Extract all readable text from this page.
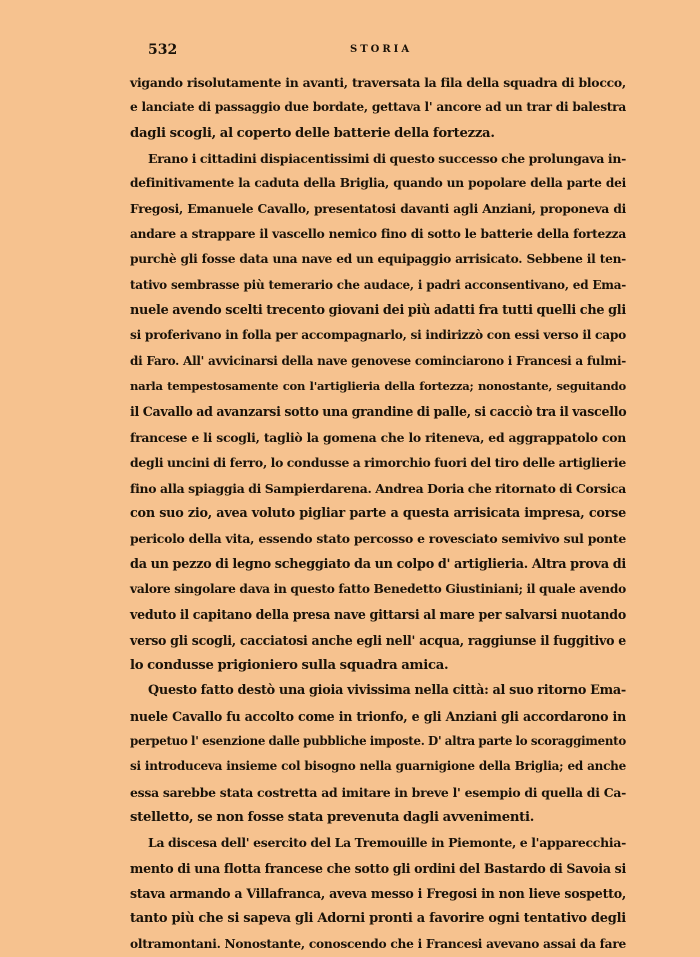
532	STORIA
vigando risolutamente in avanti, traversata la fila della squadra di blocco,
e lanciate di passaggio due bordate, gettava l' ancore ad un trar di balestra
dagli scogli, al coperto delle batterie della fortezza.
Erano i cittadini dispiacentissimi di questo successo che prolungava in-
definitivamente la caduta della Briglia, quando un popolare della parte dei
Fregosi, Emanuele Cavallo, presentatosi davanti agli Anziani, proponeva di
andare a strappare il vascello nemico fino di sotto le batterie della fortezza
purchè gli fosse data una nave ed un equipaggio arrisicato. Sebbene il ten-
tativo sembrasse più temerario che audace, i padri acconsentivano, ed Ema-
nuele avendo scelti trecento giovani dei più adatti fra tutti quelli che gli
si proferivano in folla per accompagnarlo, si indirizzò con essi verso il capo
di Faro. All' avvicinarsi della nave genovese cominciarono i Francesi a fulmi-
narla tempestosamente con l'artiglieria della fortezza; nonostante, seguitando
il Cavallo ad avanzarsi sotto una grandine di palle, si cacciò tra il vascello
francese e li scogli, tagliò la gomena che lo riteneva, ed aggrappatolo con
degli uncini di ferro, lo condusse a rimorchio fuori del tiro delle artiglierie
fino alla spiaggia di Sampierdarena. Andrea Doria che ritornato di Corsica
con suo zio, avea voluto pigliar parte a questa arrisicata impresa, corse
pericolo della vita, essendo stato percosso e rovesciato semivivo sul ponte
da un pezzo di legno scheggiato da un colpo d' artiglieria. Altra prova di
valore singolare dava in questo fatto Benedetto Giustiniani; il quale avendo
veduto il capitano della presa nave gittarsi al mare per salvarsi nuotando
verso gli scogli, cacciatosi anche egli nell' acqua, raggiunse il fuggitivo e
lo condusse prigioniero sulla squadra amica.
Questo fatto destò una gioia vivissima nella città: al suo ritorno Ema-
nuele Cavallo fu accolto come in trionfo, e gli Anziani gli accordarono in
perpetuo l' esenzione dalle pubbliche imposte. D' altra parte lo scoraggimento
si introduceva insieme col bisogno nella guarnigione della Briglia; ed anche
essa sarebbe stata costretta ad imitare in breve l' esempio di quella di Ca-
stelletto, se non fosse stata prevenuta dagli avvenimenti.
La discesa dell' esercito del La Tremouille in Piemonte, e l'apparecchia-
mento di una flotta francese che sotto gli ordini del Bastardo di Savoia si
stava armando a Villafranca, aveva messo i Fregosi in non lieve sospetto,
tanto più che si sapeva gli Adorni pronti a favorire ogni tentativo degli
oltramontani. Nonostante, conoscendo che i Francesi avevano assai da fare
